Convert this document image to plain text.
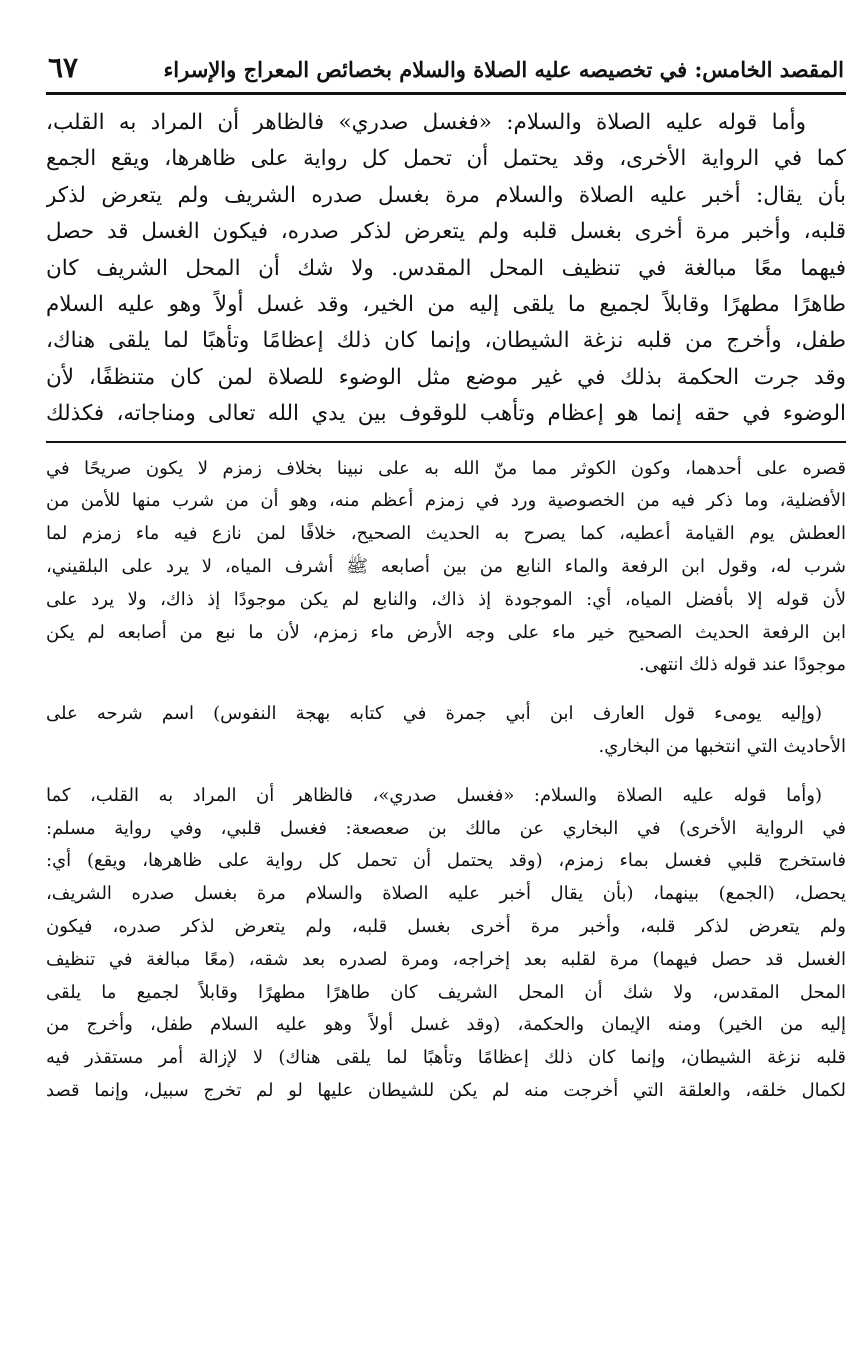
المقصد الخامس: في تخصيصه عليه الصلاة والسلام بخصائص المعراج والإسراء
٦٧
وأما قوله عليه الصلاة والسلام: «فغسل صدري» فالظاهر أن المراد به القلب،
كما في الرواية الأخرى، وقد يحتمل أن تحمل كل رواية على ظاهرها، ويقع الجمع
بأن يقال: أخبر عليه الصلاة والسلام مرة بغسل صدره الشريف ولم يتعرض لذكر
قلبه، وأخبر مرة أخرى بغسل قلبه ولم يتعرض لذكر صدره، فيكون الغسل قد حصل
فيهما معًا مبالغة في تنظيف المحل المقدس. ولا شك أن المحل الشريف كان
طاهرًا مطهرًا وقابلاً لجميع ما يلقى إليه من الخير، وقد غسل أولاً وهو عليه السلام
طفل، وأخرج من قلبه نزغة الشيطان، وإنما كان ذلك إعظامًا وتأهبًا لما يلقى هناك،
وقد جرت الحكمة بذلك في غير موضع مثل الوضوء للصلاة لمن كان متنظفًا، لأن
الوضوء في حقه إنما هو إعظام وتأهب للوقوف بين يدي الله تعالى ومناجاته، فكذلك
قصره على أحدهما، وكون الكوثر مما منّ الله به على نبينا بخلاف زمزم لا يكون صريحًا في
الأفضلية، وما ذكر فيه من الخصوصية ورد في زمزم أعظم منه، وهو أن من شرب منها للأمن من
العطش يوم القيامة أعطيه، كما يصرح به الحديث الصحيح، خلافًا لمن نازع فيه ماء زمزم لما
شرب له، وقول ابن الرفعة والماء النابع من بين أصابعه ﷺ أشرف المياه، لا يرد على البلقيني،
لأن قوله إلا بأفضل المياه، أي: الموجودة إذ ذاك، والنابع لم يكن موجودًا إذ ذاك، ولا يرد على
ابن الرفعة الحديث الصحيح خير ماء على وجه الأرض ماء زمزم، لأن ما نبع من أصابعه لم يكن
موجودًا عند قوله ذلك انتهى.
(وإليه يومىء قول العارف ابن أبي جمرة في كتابه بهجة النفوس) اسم شرحه على
الأحاديث التي انتخبها من البخاري.
(وأما قوله عليه الصلاة والسلام: «فغسل صدري»، فالظاهر أن المراد به القلب، كما
في الرواية الأخرى) في البخاري عن مالك بن صعصعة: فغسل قلبي، وفي رواية مسلم:
فاستخرج قلبي فغسل بماء زمزم، (وقد يحتمل أن تحمل كل رواية على ظاهرها، ويقع) أي:
يحصل، (الجمع) بينهما، (بأن يقال أخبر عليه الصلاة والسلام مرة بغسل صدره الشريف،
ولم يتعرض لذكر قلبه، وأخبر مرة أخرى بغسل قلبه، ولم يتعرض لذكر صدره، فيكون
الغسل قد حصل فيهما) مرة لقلبه بعد إخراجه، ومرة لصدره بعد شقه، (معًا مبالغة في تنظيف
المحل المقدس، ولا شك أن المحل الشريف كان طاهرًا مطهرًا وقابلاً لجميع ما يلقى
إليه من الخير) ومنه الإيمان والحكمة، (وقد غسل أولاً وهو عليه السلام طفل، وأخرج من
قلبه نزغة الشيطان، وإنما كان ذلك إعظامًا وتأهبًا لما يلقى هناك) لا لإزالة أمر مستقذر فيه
لكمال خلقه، والعلقة التي أخرجت منه لم يكن للشيطان عليها لو لم تخرج سبيل، وإنما قصد
